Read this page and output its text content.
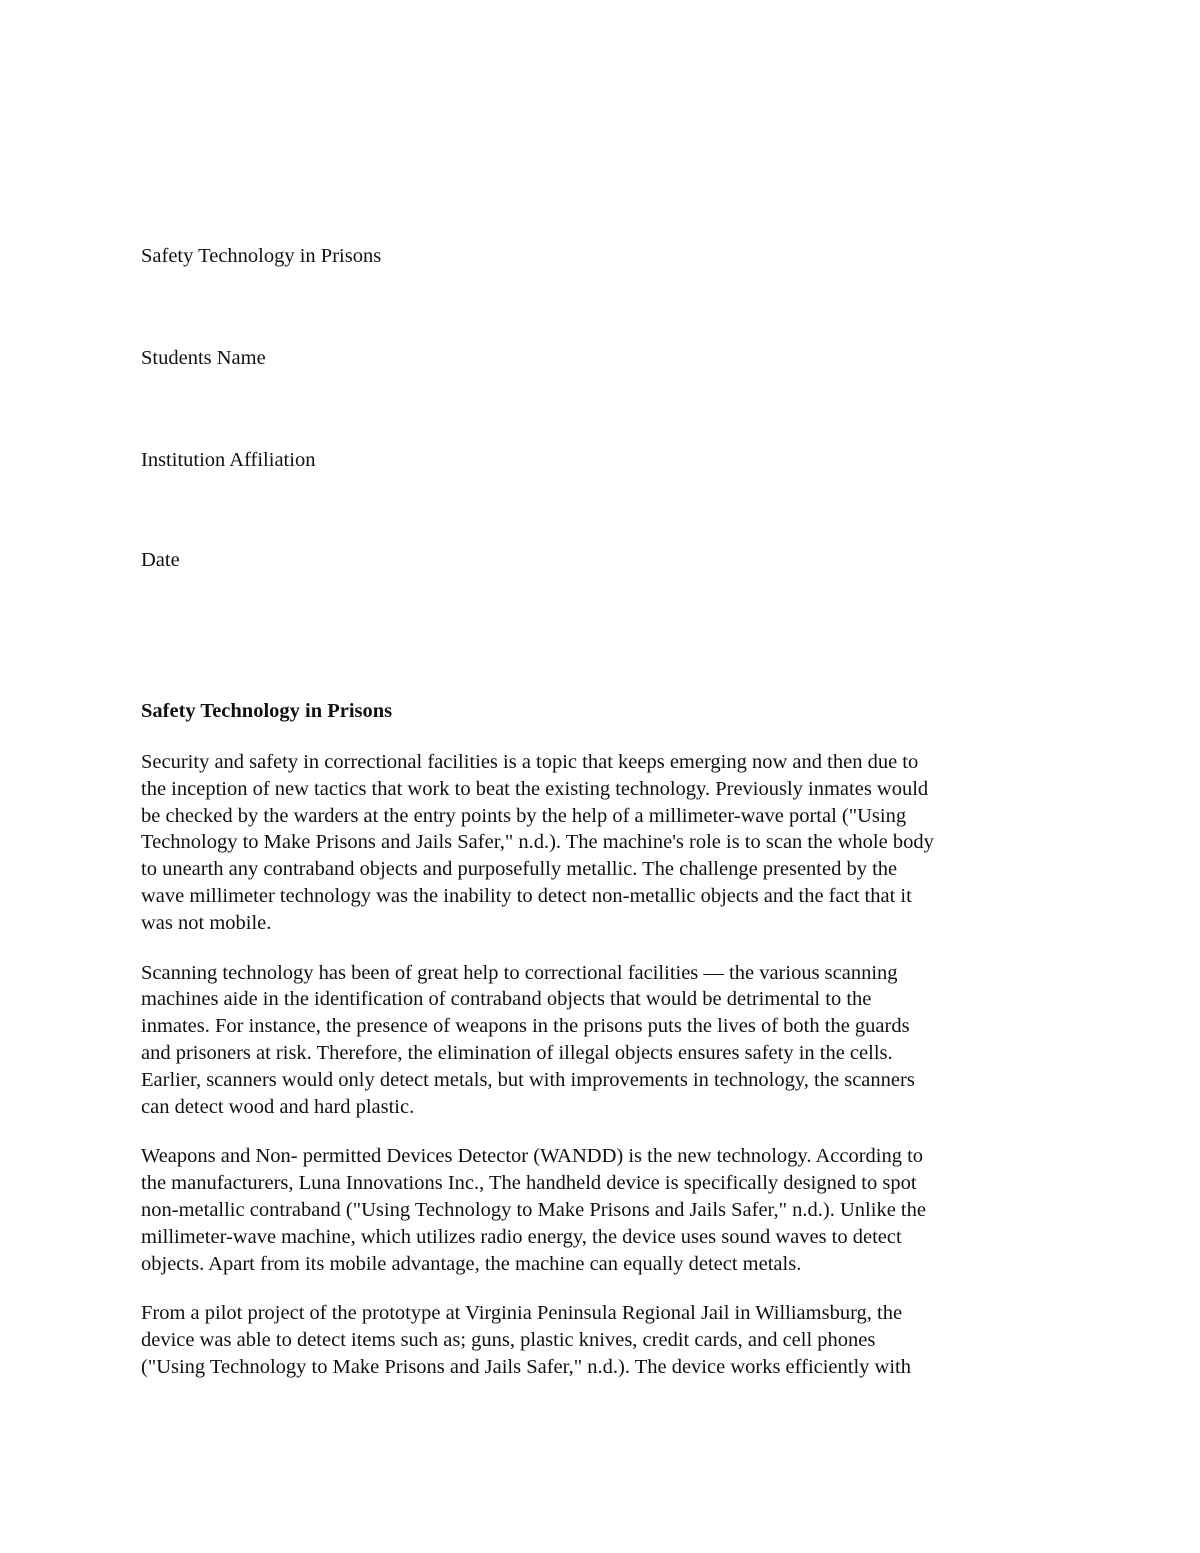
Safety Technology in Prisons
Students Name
Institution Affiliation
Date
Safety Technology in Prisons

Security and safety in correctional facilities is a topic that keeps emerging now and then due to
the inception of new tactics that work to beat the existing technology. Previously inmates would
be checked by the warders at the entry points by the help of a millimeter-wave portal ("Using
Technology to Make Prisons and Jails Safer," n.d.). The machine's role is to scan the whole body
to unearth any contraband objects and purposefully metallic. The challenge presented by the
wave millimeter technology was the inability to detect non-metallic objects and the fact that it
was not mobile.

Scanning technology has been of great help to correctional facilities — the various scanning
machines aide in the identification of contraband objects that would be detrimental to the
inmates. For instance, the presence of weapons in the prisons puts the lives of both the guards
and prisoners at risk. Therefore, the elimination of illegal objects ensures safety in the cells.
Earlier, scanners would only detect metals, but with improvements in technology, the scanners
can detect wood and hard plastic.

Weapons and Non- permitted Devices Detector (WANDD) is the new technology. According to
the manufacturers, Luna Innovations Inc., The handheld device is specifically designed to spot
non-metallic contraband ("Using Technology to Make Prisons and Jails Safer," n.d.). Unlike the
millimeter-wave machine, which utilizes radio energy, the device uses sound waves to detect
objects. Apart from its mobile advantage, the machine can equally detect metals.

From a pilot project of the prototype at Virginia Peninsula Regional Jail in Williamsburg, the
device was able to detect items such as; guns, plastic knives, credit cards, and cell phones
("Using Technology to Make Prisons and Jails Safer," n.d.). The device works efficiently with
